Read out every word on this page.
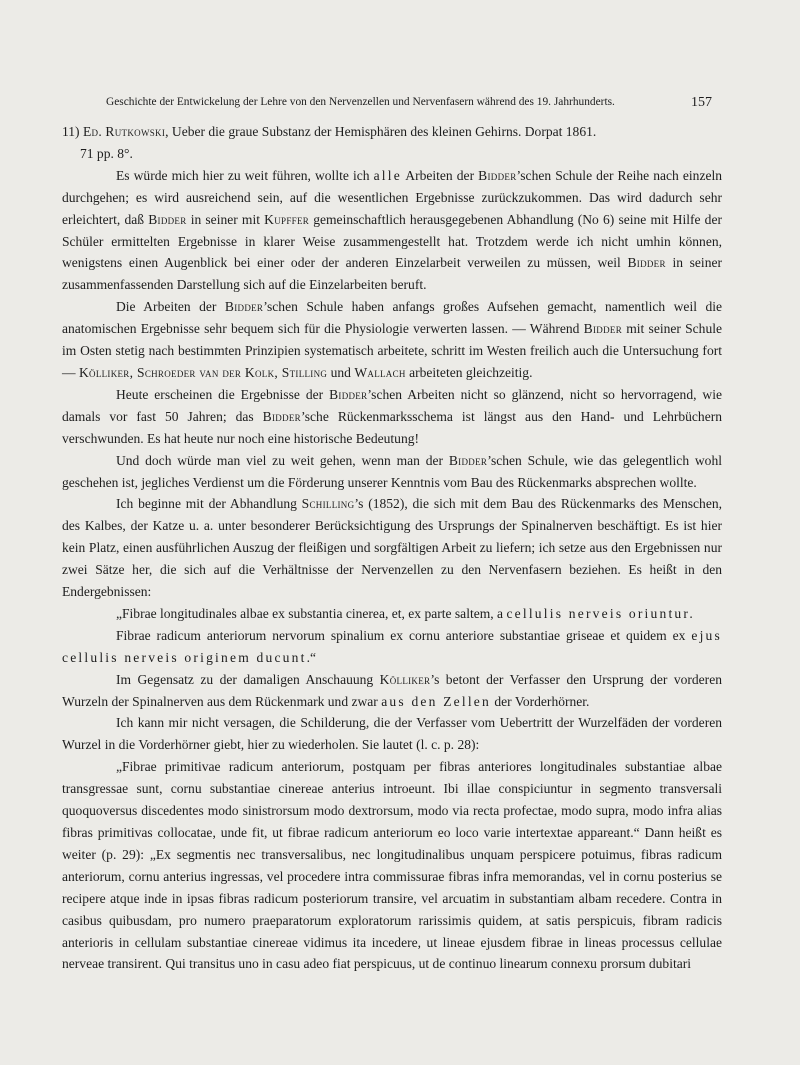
Geschichte der Entwickelung der Lehre von den Nervenzellen und Nervenfasern während des 19. Jahrhunderts.	157

11) Ed. Rutkowski, Ueber die graue Substanz der Hemisphären des kleinen Gehirns. Dorpat 1861.
71 pp. 8°.

Es würde mich hier zu weit führen, wollte ich alle Arbeiten der Bidder’schen Schule der Reihe nach einzeln durchgehen; es wird ausreichend sein, auf die wesentlichen Ergebnisse zurückzukommen. Das wird dadurch sehr erleichtert, daß Bidder in seiner mit Kupffer gemeinschaftlich herausgegebenen Abhandlung (No 6) seine mit Hilfe der Schüler ermittelten Ergebnisse in klarer Weise zusammengestellt hat. Trotzdem werde ich nicht umhin können, wenigstens einen Augenblick bei einer oder der anderen Einzelarbeit verweilen zu müssen, weil Bidder in seiner zusammenfassenden Darstellung sich auf die Einzelarbeiten beruft.

Die Arbeiten der Bidder’schen Schule haben anfangs großes Aufsehen gemacht, namentlich weil die anatomischen Ergebnisse sehr bequem sich für die Physiologie verwerten lassen. — Während Bidder mit seiner Schule im Osten stetig nach bestimmten Prinzipien systematisch arbeitete, schritt im Westen freilich auch die Untersuchung fort — Kölliker, Schroeder van der Kolk, Stilling und Wallach arbeiteten gleichzeitig.

Heute erscheinen die Ergebnisse der Bidder’schen Arbeiten nicht so glänzend, nicht so hervorragend, wie damals vor fast 50 Jahren; das Bidder’sche Rückenmarksschema ist längst aus den Hand- und Lehrbüchern verschwunden. Es hat heute nur noch eine historische Bedeutung!

Und doch würde man viel zu weit gehen, wenn man der Bidder’schen Schule, wie das gelegentlich wohl geschehen ist, jegliches Verdienst um die Förderung unserer Kenntnis vom Bau des Rückenmarks absprechen wollte.

Ich beginne mit der Abhandlung Schilling’s (1852), die sich mit dem Bau des Rückenmarks des Menschen, des Kalbes, der Katze u. a. unter besonderer Berücksichtigung des Ursprungs der Spinalnerven beschäftigt. Es ist hier kein Platz, einen ausführlichen Auszug der fleißigen und sorgfältigen Arbeit zu liefern; ich setze aus den Ergebnissen nur zwei Sätze her, die sich auf die Verhältnisse der Nervenzellen zu den Nervenfasern beziehen. Es heißt in den Endergebnissen:

„Fibrae longitudinales albae ex substantia cinerea, et, ex parte saltem, a cellulis nerveis oriuntur.

Fibrae radicum anteriorum nervorum spinalium ex cornu anteriore substantiae griseae et quidem ex ejus cellulis nerveis originem ducunt.“

Im Gegensatz zu der damaligen Anschauung Kölliker’s betont der Verfasser den Ursprung der vorderen Wurzeln der Spinalnerven aus dem Rückenmark und zwar aus den Zellen der Vorderhörner.

Ich kann mir nicht versagen, die Schilderung, die der Verfasser vom Uebertritt der Wurzelfäden der vorderen Wurzel in die Vorderhörner giebt, hier zu wiederholen. Sie lautet (l. c. p. 28):

„Fibrae primitivae radicum anteriorum, postquam per fibras anteriores longitudinales substantiae albae transgressae sunt, cornu substantiae cinereae anterius introeunt. Ibi illae conspiciuntur in segmento transversali quoquoversus discedentes modo sinistrorsum modo dextrorsum, modo via recta profectae, modo supra, modo infra alias fibras primitivas collocatae, unde fit, ut fibrae radicum anteriorum eo loco varie intertextae appareant.“ Dann heißt es weiter (p. 29): „Ex segmentis nec transversalibus, nec longitudinalibus unquam perspicere potuimus, fibras radicum anteriorum, cornu anterius ingressas, vel procedere intra commissurae fibras infra memorandas, vel in cornu posterius se recipere atque inde in ipsas fibras radicum posteriorum transire, vel arcuatim in substantiam albam recedere. Contra in casibus quibusdam, pro numero praeparatorum exploratorum rarissimis quidem, at satis perspicuis, fibram radicis anterioris in cellulam substantiae cinereae vidimus ita incedere, ut lineae ejusdem fibrae in lineas processus cellulae nerveae transirent. Qui transitus uno in casu adeo fiat perspicuus, ut de continuo linearum connexu prorsum dubitari
